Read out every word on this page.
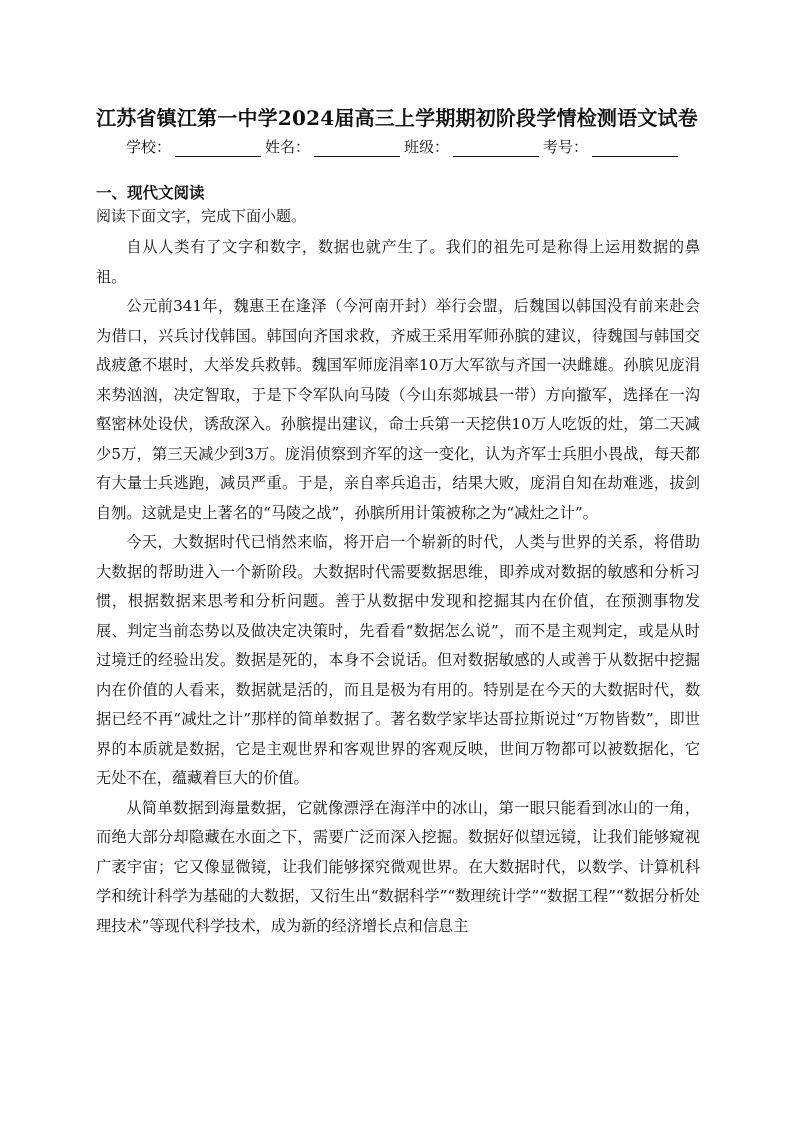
江苏省镇江第一中学2024届高三上学期期初阶段学情检测语文试卷
学校：	姓名：	班级：	考号：
一、现代文阅读
阅读下面文字，完成下面小题。

自从人类有了文字和数字，数据也就产生了。我们的祖先可是称得上运用数据的鼻祖。

公元前341年，魏惠王在逢泽（今河南开封）举行会盟，后魏国以韩国没有前来赴会为借口，兴兵讨伐韩国。韩国向齐国求救，齐威王采用军师孙膑的建议，待魏国与韩国交战疲惫不堪时，大举发兵救韩。魏国军师庞涓率10万大军欲与齐国一决雌雄。孙膑见庞涓来势汹汹，决定智取，于是下令军队向马陵（今山东郯城县一带）方向撤军，选择在一沟壑密林处设伏，诱敌深入。孙膑提出建议，命士兵第一天挖供10万人吃饭的灶，第二天减少5万，第三天减少到3万。庞涓侦察到齐军的这一变化，认为齐军士兵胆小畏战，每天都有大量士兵逃跑，减员严重。于是，亲自率兵追击，结果大败，庞涓自知在劫难逃，拔剑自刎。这就是史上著名的“马陵之战”，孙膑所用计策被称之为“减灶之计”。

今天，大数据时代已悄然来临，将开启一个崭新的时代，人类与世界的关系，将借助大数据的帮助进入一个新阶段。大数据时代需要数据思维，即养成对数据的敏感和分析习惯，根据数据来思考和分析问题。善于从数据中发现和挖掘其内在价值，在预测事物发展、判定当前态势以及做决定决策时，先看看“数据怎么说”，而不是主观判定，或是从时过境迁的经验出发。数据是死的，本身不会说话。但对数据敏感的人或善于从数据中挖掘内在价值的人看来，数据就是活的，而且是极为有用的。特别是在今天的大数据时代，数据已经不再“减灶之计”那样的简单数据了。著名数学家毕达哥拉斯说过“万物皆数”，即世界的本质就是数据，它是主观世界和客观世界的客观反映，世间万物都可以被数据化，它无处不在，蕴藏着巨大的价值。

从简单数据到海量数据，它就像漂浮在海洋中的冰山，第一眼只能看到冰山的一角，而绝大部分却隐藏在水面之下，需要广泛而深入挖掘。数据好似望远镜，让我们能够窥视广袤宇宙；它又像显微镜，让我们能够探究微观世界。在大数据时代，以数学、计算机科学和统计科学为基础的大数据，又衍生出“数据科学”“数理统计学”“数据工程”“数据分析处理技术”等现代科学技术，成为新的经济增长点和信息主
